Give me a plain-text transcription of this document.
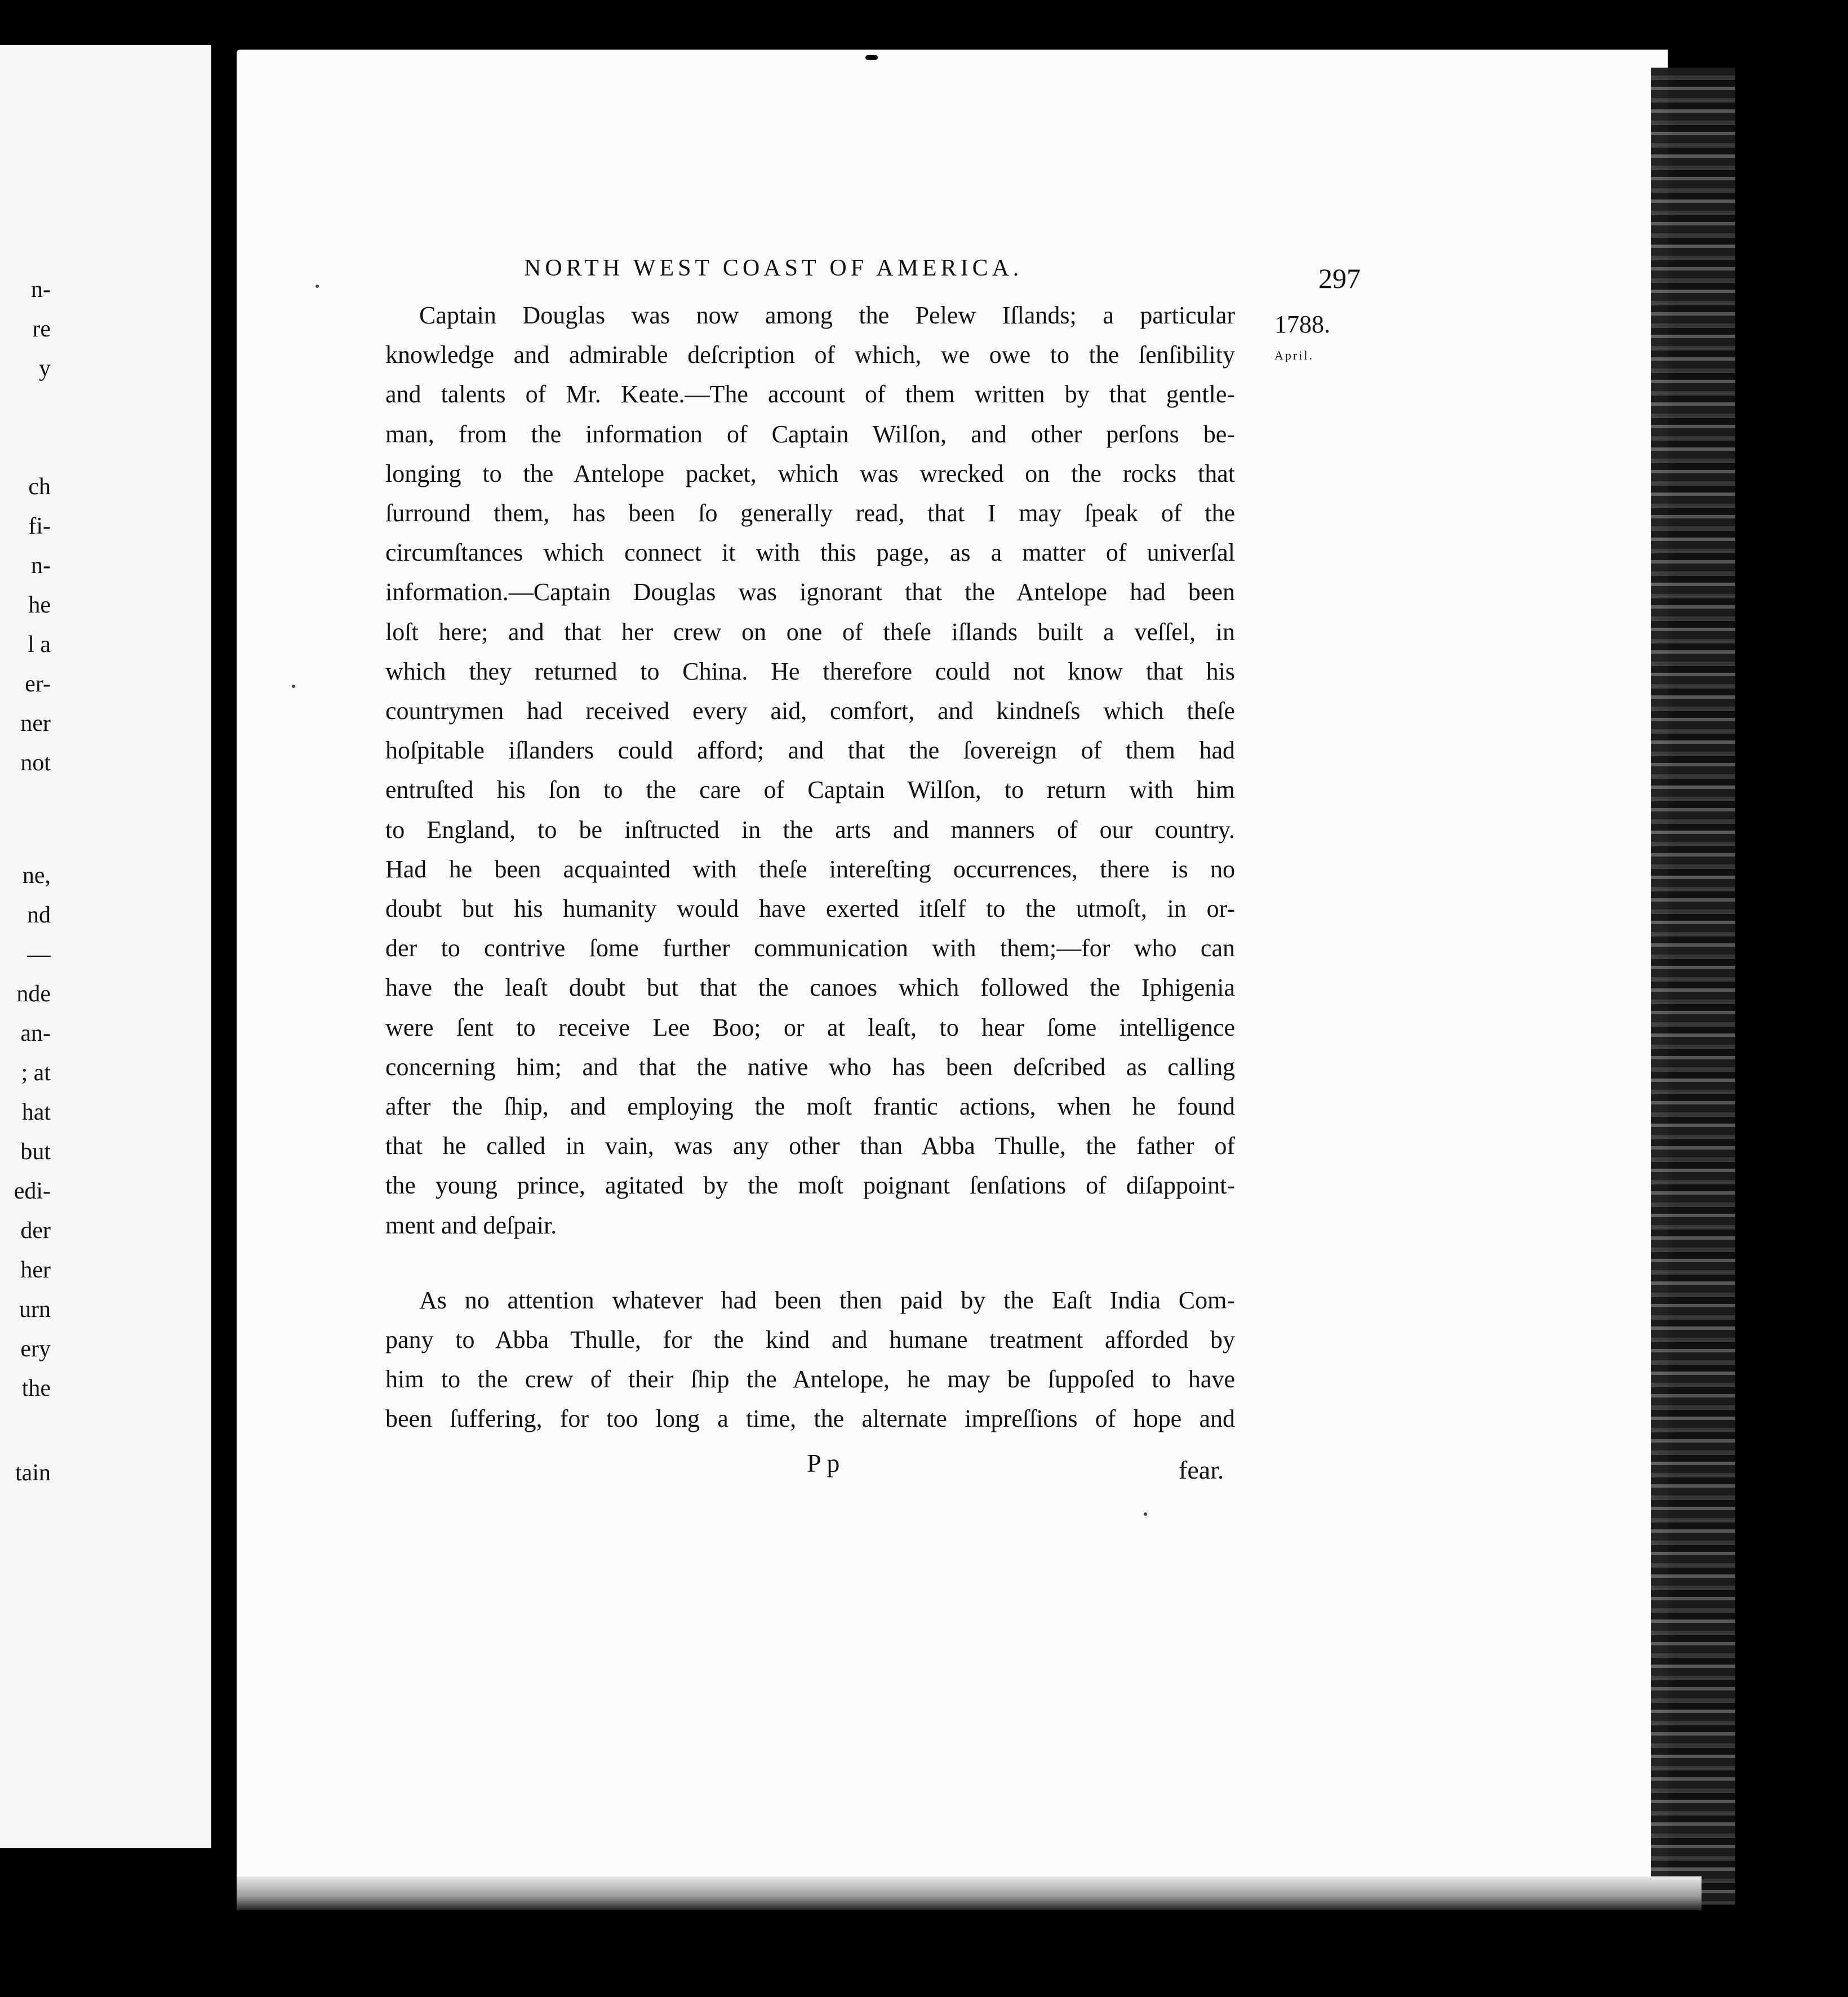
n-
re
y
ch
fi-
n-
he
l a
er-
ner
not
ne,
nd
—
nde
an-
; at
hat
but
edi-
der
her
urn
ery
the
tain
NORTH WEST COAST OF AMERICA.	297
1788.
April.
Captain Douglas was now among the Pelew Iſlands; a particular
knowledge and admirable deſcription of which, we owe to the ſenſibility
and talents of Mr. Keate.—The account of them written by that gentle-
man, from the information of Captain Wilſon, and other perſons be-
longing to the Antelope packet, which was wrecked on the rocks that
ſurround them, has been ſo generally read, that I may ſpeak of the
circumſtances which connect it with this page, as a matter of univerſal
information.—Captain Douglas was ignorant that the Antelope had been
loſt here; and that her crew on one of theſe iſlands built a veſſel, in
which they returned to China. He therefore could not know that his
countrymen had received every aid, comfort, and kindneſs which theſe
hoſpitable iſlanders could afford; and that the ſovereign of them had
entruſted his ſon to the care of Captain Wilſon, to return with him
to England, to be inſtructed in the arts and manners of our country.
Had he been acquainted with theſe intereſting occurrences, there is no
doubt but his humanity would have exerted itſelf to the utmoſt, in or-
der to contrive ſome further communication with them;—for who can
have the leaſt doubt but that the canoes which followed the Iphigenia
were ſent to receive Lee Boo; or at leaſt, to hear ſome intelligence
concerning him; and that the native who has been deſcribed as calling
after the ſhip, and employing the moſt frantic actions, when he found
that he called in vain, was any other than Abba Thulle, the father of
the young prince, agitated by the moſt poignant ſenſations of diſappoint-
ment and deſpair.
As no attention whatever had been then paid by the Eaſt India Com-
pany to Abba Thulle, for the kind and humane treatment afforded by
him to the crew of their ſhip the Antelope, he may be ſuppoſed to have
been ſuffering, for too long a time, the alternate impreſſions of hope and
P p	fear.
